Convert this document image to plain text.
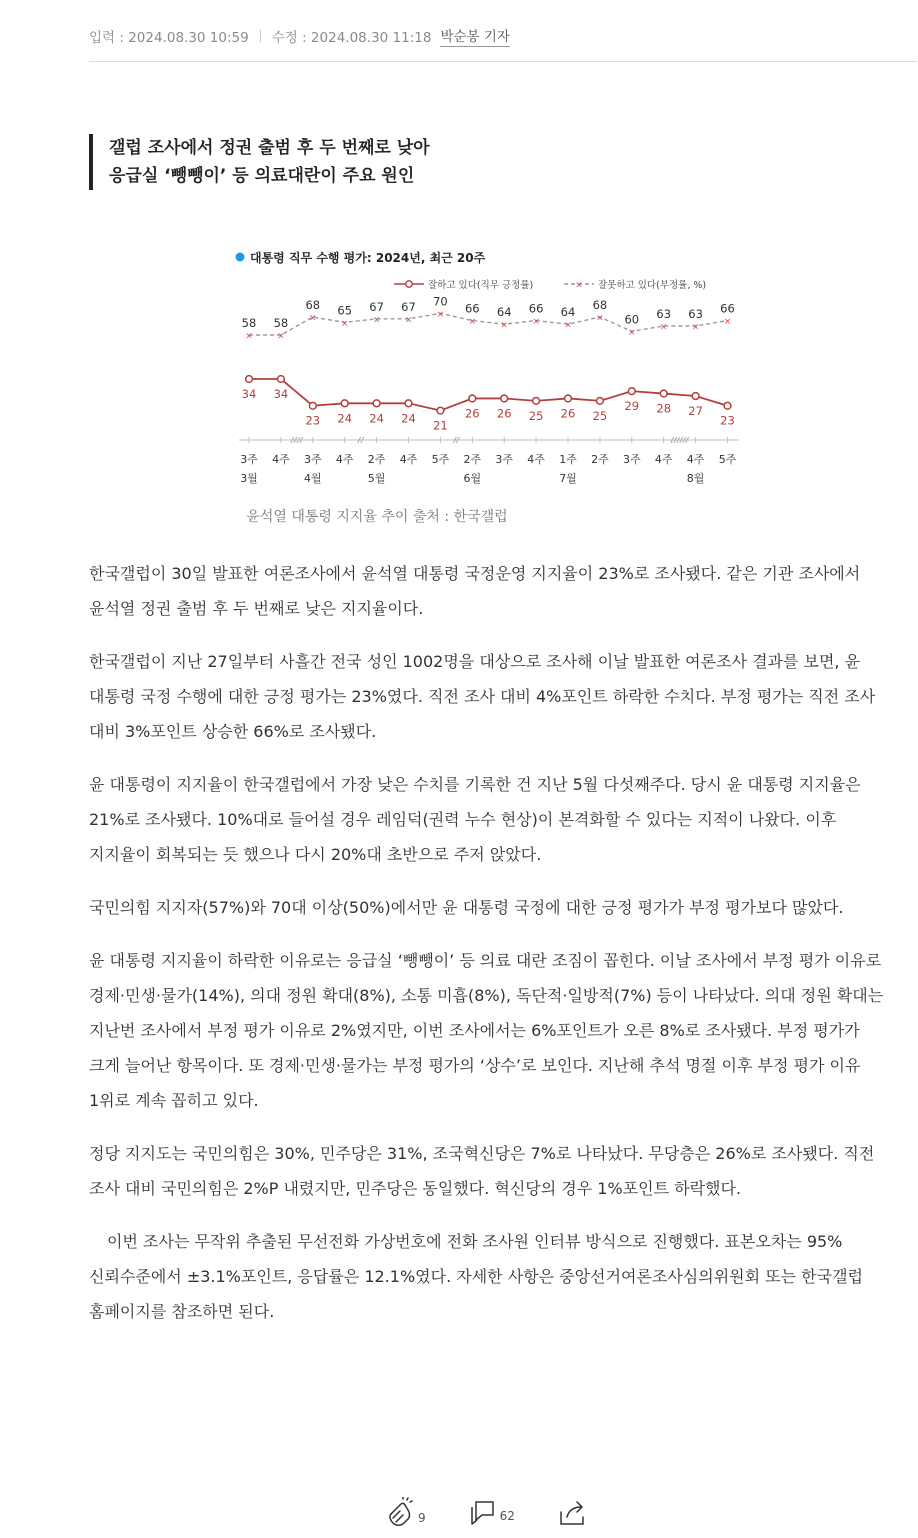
입력 : 2024.08.30 10:59 수정 : 2024.08.30 11:18 박순봉 기자
갤럽 조사에서 정권 출범 후 두 번째로 낮아
응급실 ‘뺑뺑이’ 등 의료대란이 주요 원인
대통령 직무 수행 평가: 2024년, 최근 20주
잘하고 있다(직무 긍정률)	× 잘못하고 있다(부정률, %)
×
58
×
58 ×
68
×
65
×
67
×
67
×
70
×
66
×
64
×
66
×
64 ×
68
×
60
×
63
×
63
×
66
34 34
23 24 24 24
21
26 26 25 26 25
29 28 27
23
3주 4주 3주 4주 2주 4주 5주 2주 3주 4주 1주 2주 3주 4주 4주 5주
3월	4월	5월	6월	7월	8월
윤석열 대통령 지지율 추이 출처 : 한국갤럽

한국갤럽이 30일 발표한 여론조사에서 윤석열 대통령 국정운영 지지율이 23%로 조사됐다. 같은 기관 조사에서 윤석열 정권 출범 후 두 번째로 낮은 지지율이다.

한국갤럽이 지난 27일부터 사흘간 전국 성인 1002명을 대상으로 조사해 이날 발표한 여론조사 결과를 보면, 윤 대통령 국정 수행에 대한 긍정 평가는 23%였다. 직전 조사 대비 4%포인트 하락한 수치다. 부정 평가는 직전 조사 대비 3%포인트 상승한 66%로 조사됐다.

윤 대통령이 지지율이 한국갤럽에서 가장 낮은 수치를 기록한 건 지난 5월 다섯째주다. 당시 윤 대통령 지지율은 21%로 조사됐다. 10%대로 들어설 경우 레임덕(권력 누수 현상)이 본격화할 수 있다는 지적이 나왔다. 이후 지지율이 회복되는 듯 했으나 다시 20%대 초반으로 주저 앉았다.

국민의힘 지지자(57%)와 70대 이상(50%)에서만 윤 대통령 국정에 대한 긍정 평가가 부정 평가보다 많았다.

윤 대통령 지지율이 하락한 이유로는 응급실 ‘뺑뺑이’ 등 의료 대란 조짐이 꼽힌다. 이날 조사에서 부정 평가 이유로 경제·민생·물가(14%), 의대 정원 확대(8%), 소통 미흡(8%), 독단적·일방적(7%) 등이 나타났다. 의대 정원 확대는 지난번 조사에서 부정 평가 이유로 2%였지만, 이번 조사에서는 6%포인트가 오른 8%로 조사됐다. 부정 평가가 크게 늘어난 항목이다. 또 경제·민생·물가는 부정 평가의 ‘상수’로 보인다. 지난해 추석 명절 이후 부정 평가 이유 1위로 계속 꼽히고 있다.

정당 지지도는 국민의힘은 30%, 민주당은 31%, 조국혁신당은 7%로 나타났다. 무당층은 26%로 조사됐다. 직전 조사 대비 국민의힘은 2%P 내렸지만, 민주당은 동일했다. 혁신당의 경우 1%포인트 하락했다.

이번 조사는 무작위 추출된 무선전화 가상번호에 전화 조사원 인터뷰 방식으로 진행했다. 표본오차는 95% 신뢰수준에서 ±3.1%포인트, 응답률은 12.1%였다. 자세한 사항은 중앙선거여론조사심의위원회 또는 한국갤럽 홈페이지를 참조하면 된다.

9	62
